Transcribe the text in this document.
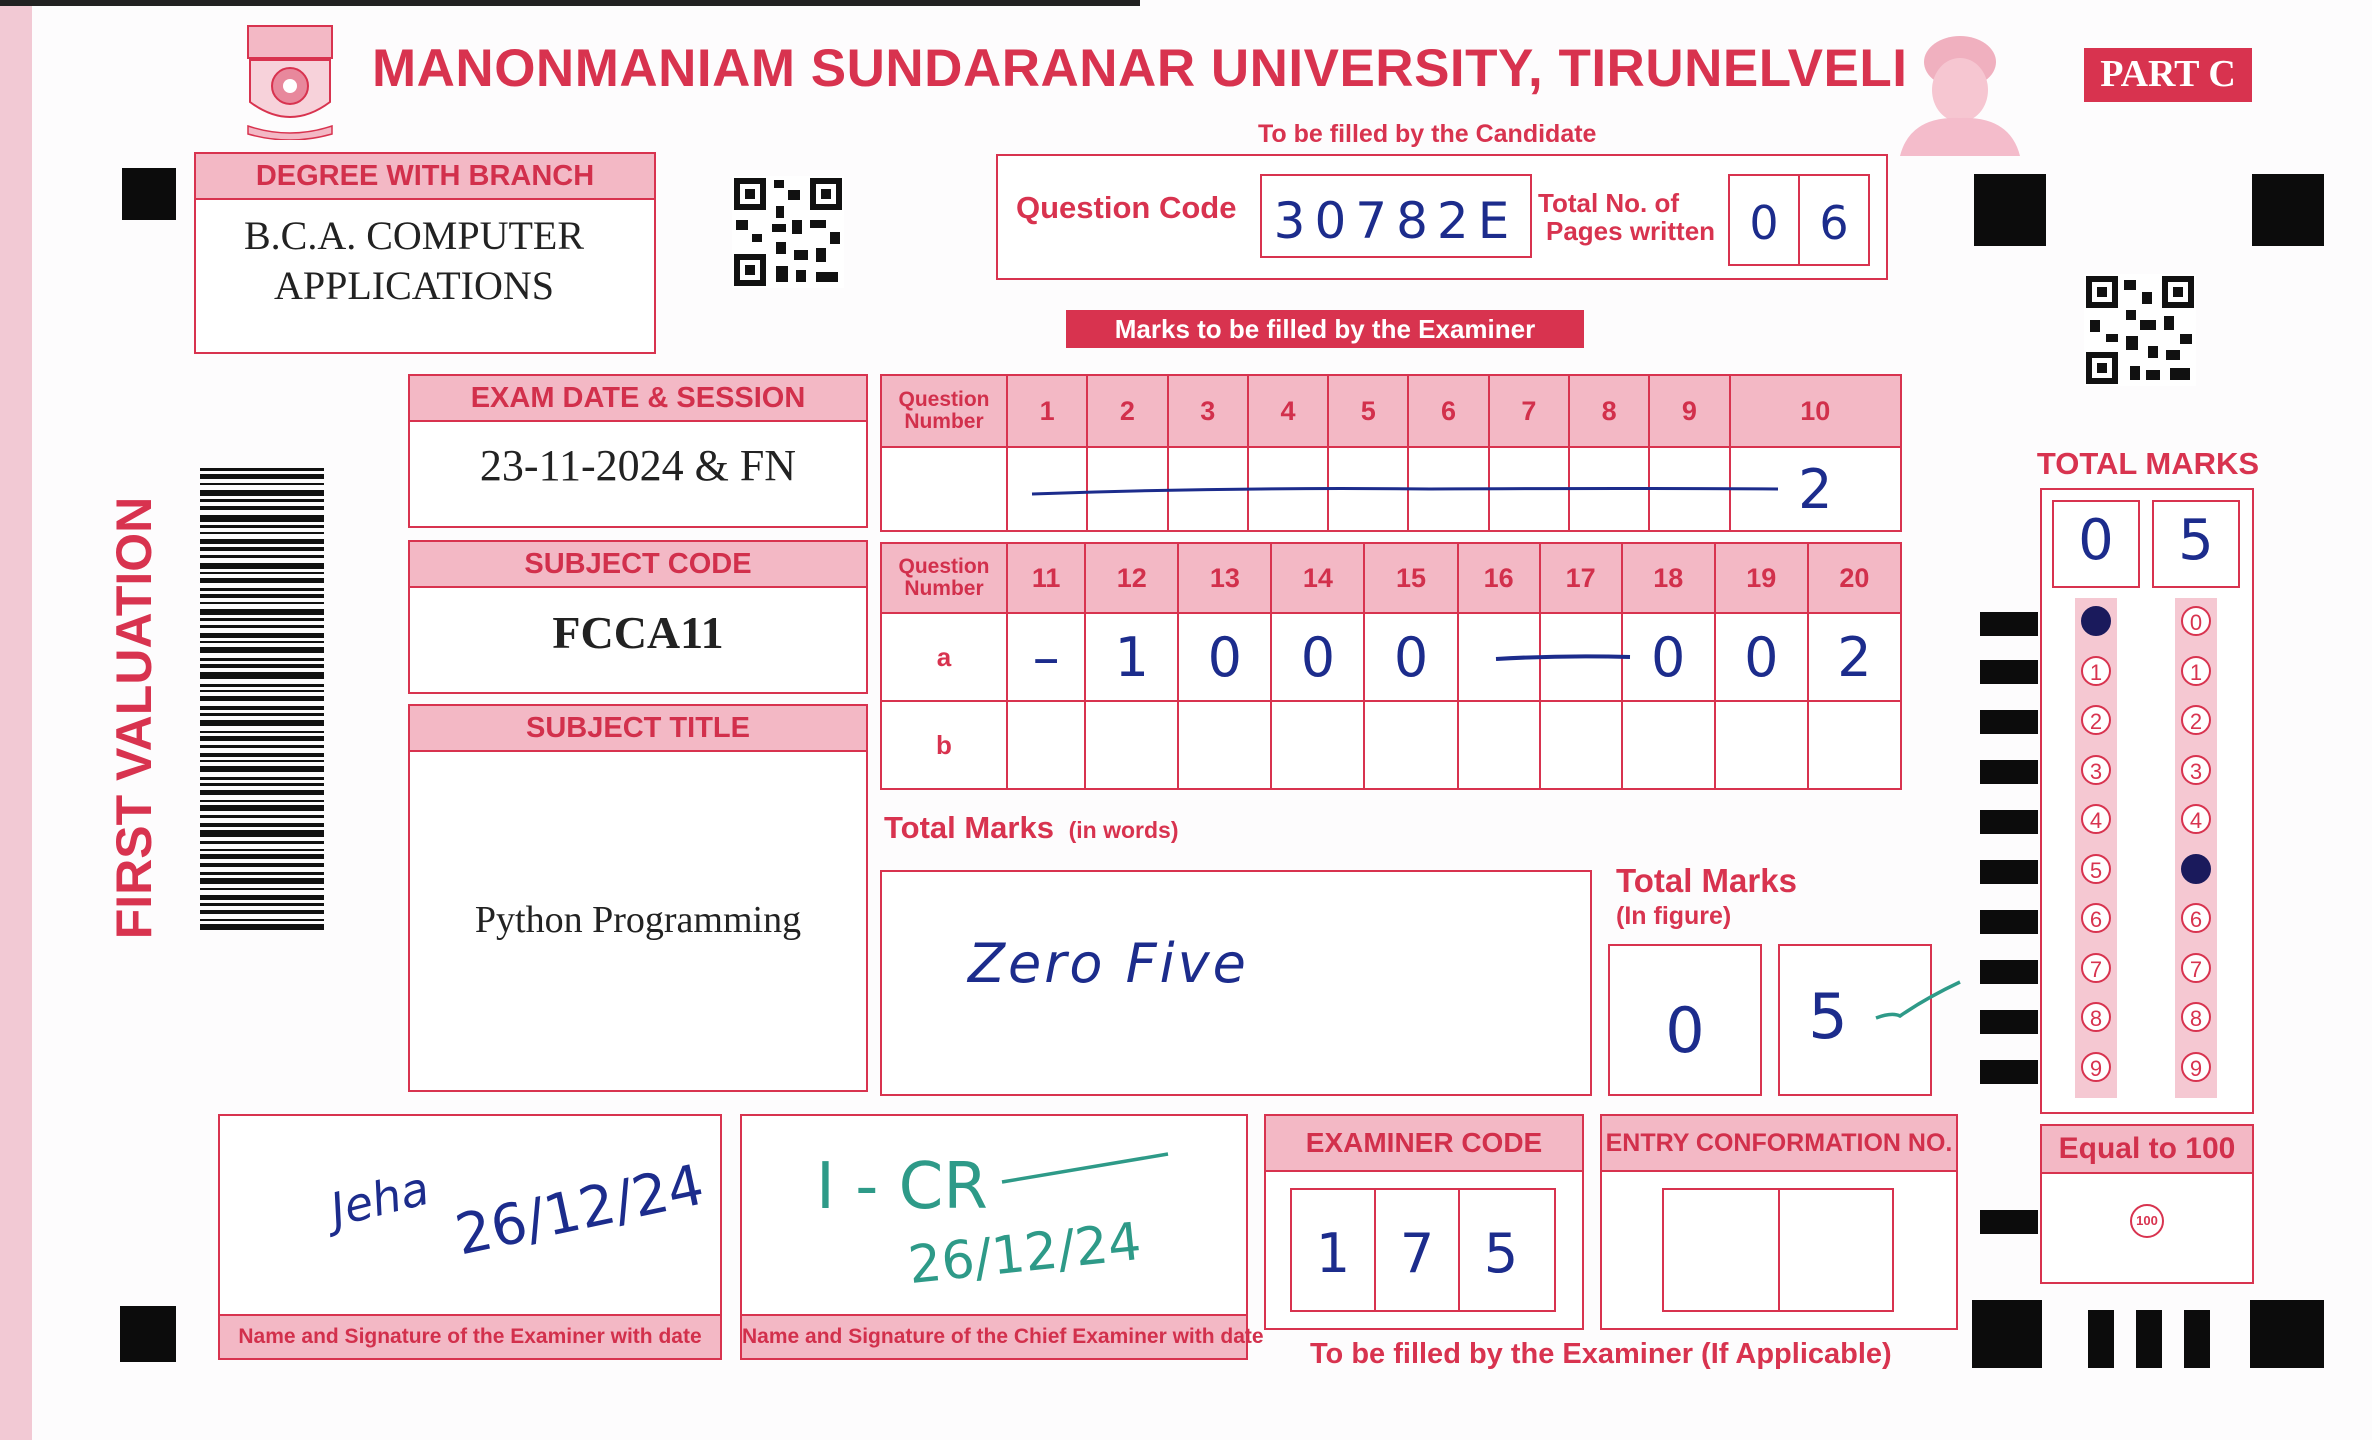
MANONMANIAM SUNDARANAR UNIVERSITY, TIRUNELVELI	PART C
To be filled by the Candidate
DEGREE WITH BRANCH
B.C.A. COMPUTER
APPLICATIONS
Question Code 30782E Total No. of
Pages written 0 6
Marks to be filled by the Examiner
FIRST VALUATION
EXAM DATE & SESSION
23-11-2024 & FN
SUBJECT CODE
FCCA11
SUBJECT TITLE
Python Programming
Question Number	1	2	3	4	5	6	7	8	9	10
										2
Question Number	11	12	13	14	15	16	17	18	19	20
a	–	1	0	0	0			0	0	2
b										
Total Marks (in words)
Zero Five
Total Marks
(In figure)
0	5
TOTAL MARKS
0	5
1
2
3
4
5
6
7
8
9
0
1
2
3
4
6
7
8
9
Equal to 100
100
Name and Signature of the Examiner with date
Jeha 26/12/24
Name and Signature of the Chief Examiner with date
I - CR
26/12/24
EXAMINER CODE
1 7 5
ENTRY CONFORMATION NO.
To be filled by the Examiner (If Applicable)
